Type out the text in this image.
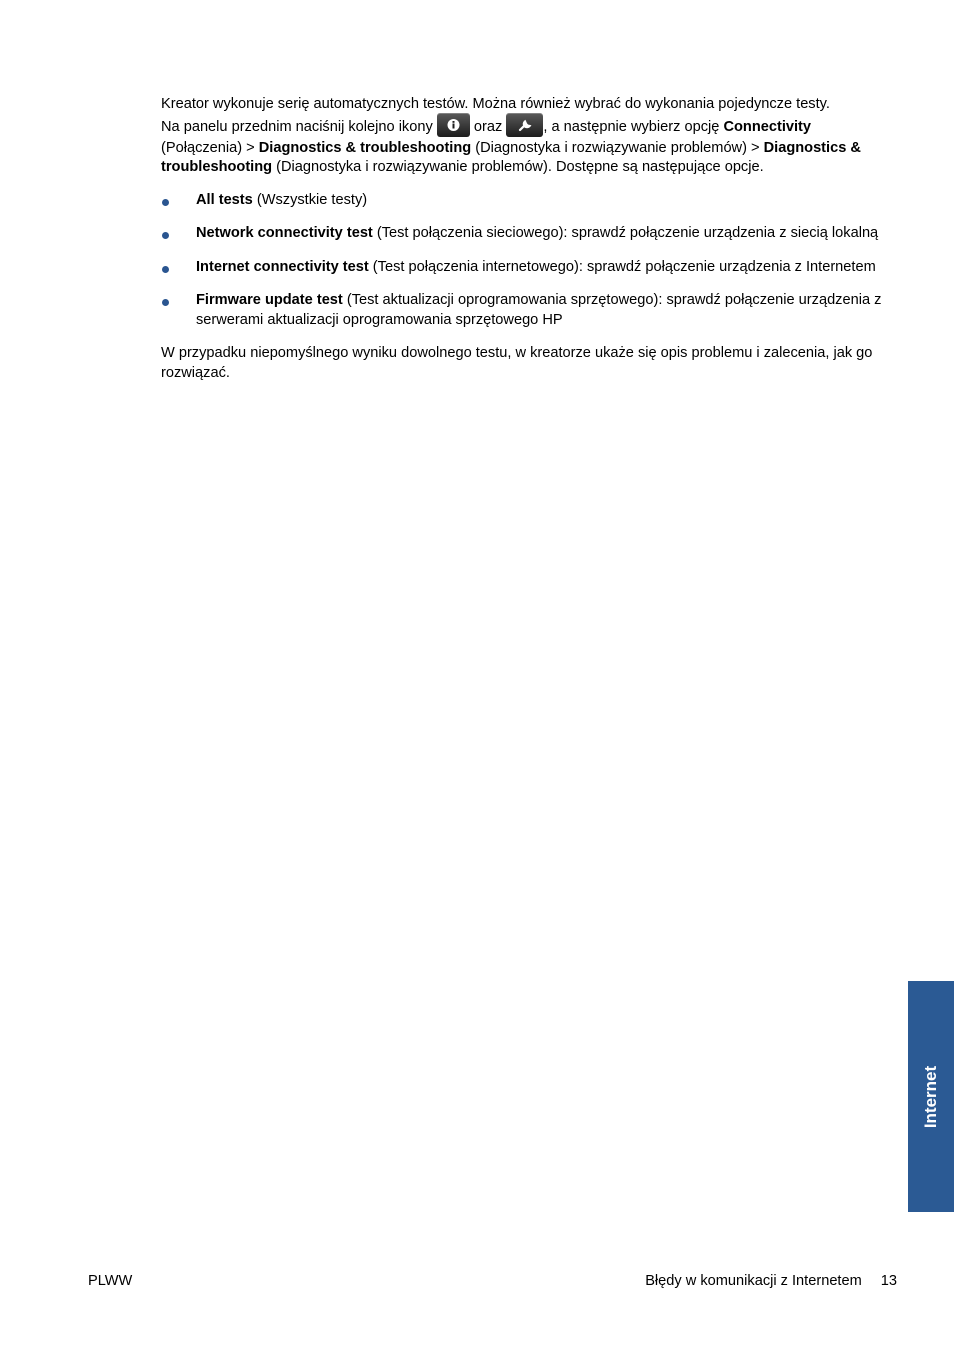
Kreator wykonuje serię automatycznych testów. Można również wybrać do wykonania pojedyncze testy.

Na panelu przednim naciśnij kolejno ikony	oraz	, a następnie wybierz opcję Connectivity
(Połączenia) > Diagnostics & troubleshooting (Diagnostyka i rozwiązywanie problemów) > Diagnostics & troubleshooting (Diagnostyka i rozwiązywanie problemów). Dostępne są następujące opcje.

All tests (Wszystkie testy)
Network connectivity test (Test połączenia sieciowego): sprawdź połączenie urządzenia z siecią lokalną
Internet connectivity test (Test połączenia internetowego): sprawdź połączenie urządzenia z Internetem
Firmware update test (Test aktualizacji oprogramowania sprzętowego): sprawdź połączenie urządzenia z serwerami aktualizacji oprogramowania sprzętowego HP

W przypadku niepomyślnego wyniku dowolnego testu, w kreatorze ukaże się opis problemu i zalecenia, jak go rozwiązać.

Internet
PLWW	Błędy w komunikacji z Internetem 13
